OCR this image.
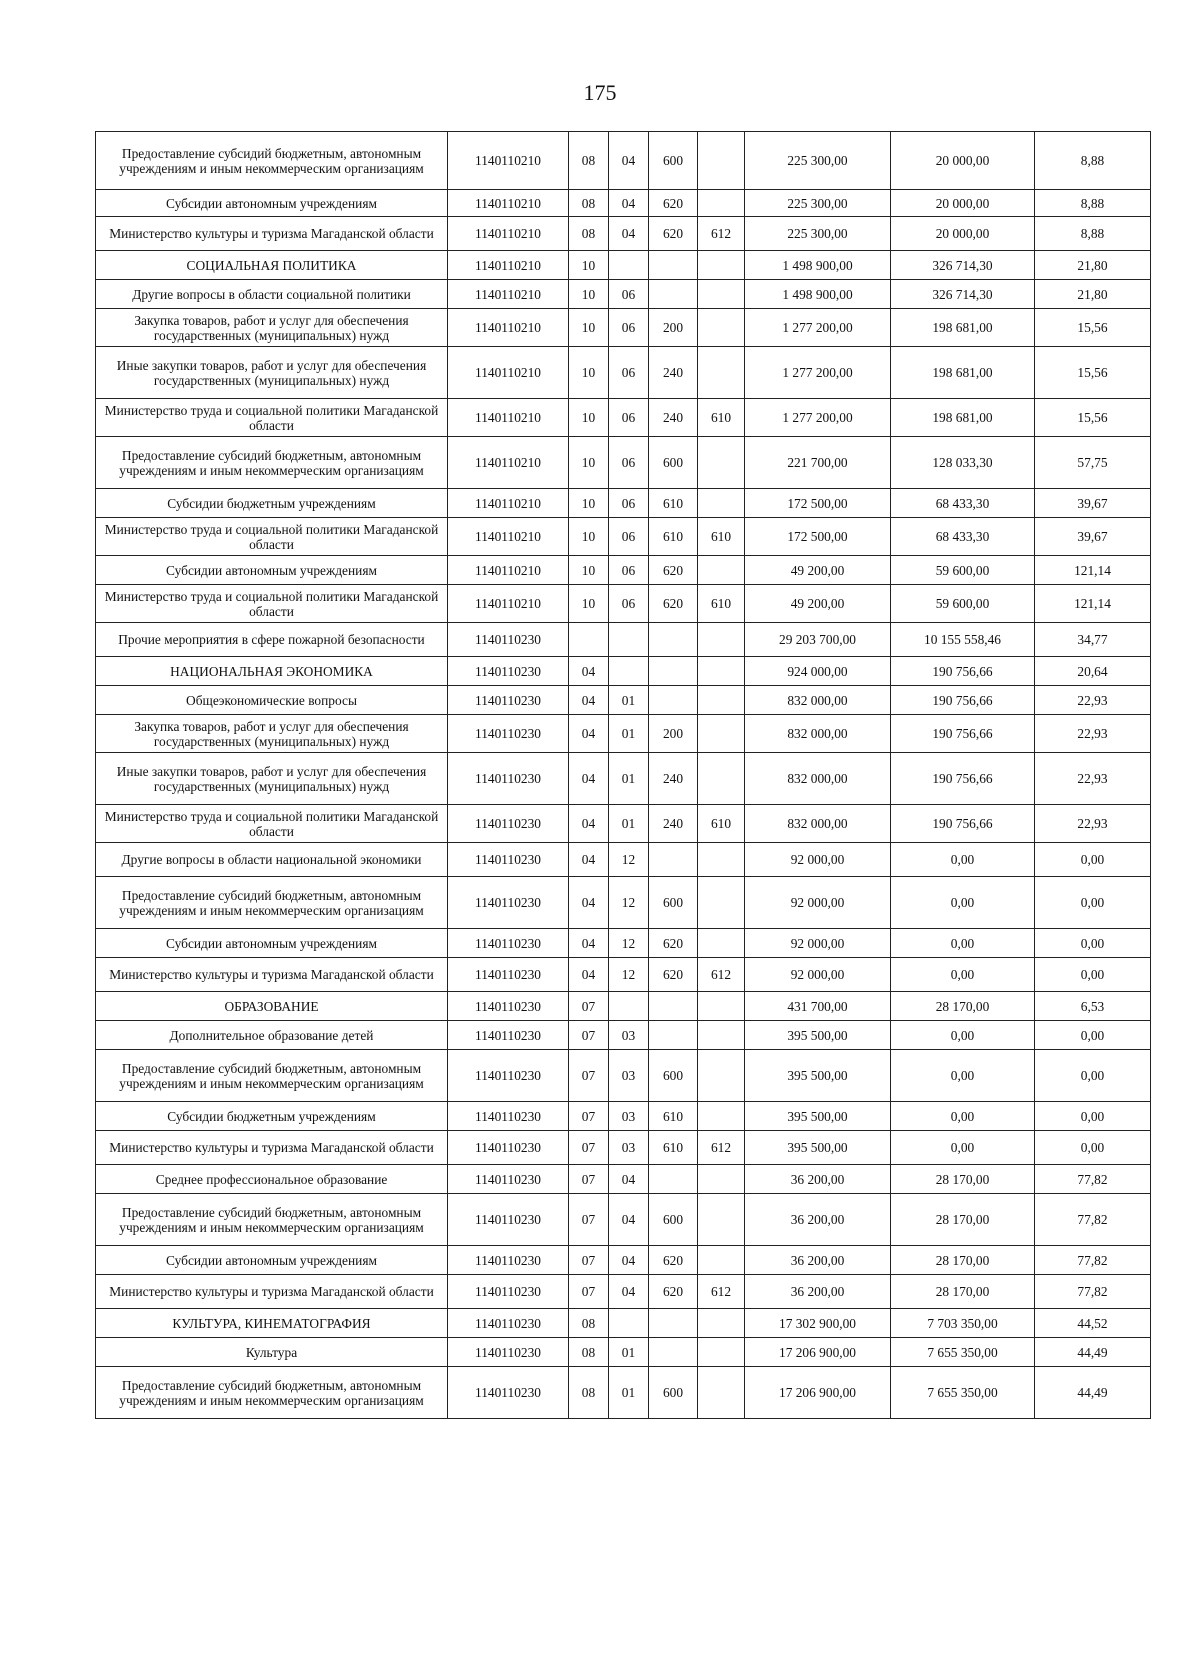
175
Предоставление субсидий бюджетным, автономным учреждениям и иным некоммерческим организациям	1140110210	08	04	600		225 300,00	20 000,00	8,88
Субсидии автономным учреждениям	1140110210	08	04	620		225 300,00	20 000,00	8,88
Министерство культуры и туризма Магаданской области	1140110210	08	04	620	612	225 300,00	20 000,00	8,88
СОЦИАЛЬНАЯ ПОЛИТИКА	1140110210	10				1 498 900,00	326 714,30	21,80
Другие вопросы в области социальной политики	1140110210	10	06			1 498 900,00	326 714,30	21,80
Закупка товаров, работ и услуг для обеспечения государственных (муниципальных) нужд	1140110210	10	06	200		1 277 200,00	198 681,00	15,56
Иные закупки товаров, работ и услуг для обеспечения государственных (муниципальных) нужд	1140110210	10	06	240		1 277 200,00	198 681,00	15,56
Министерство труда и социальной политики Магаданской области	1140110210	10	06	240	610	1 277 200,00	198 681,00	15,56
Предоставление субсидий бюджетным, автономным учреждениям и иным некоммерческим организациям	1140110210	10	06	600		221 700,00	128 033,30	57,75
Субсидии бюджетным учреждениям	1140110210	10	06	610		172 500,00	68 433,30	39,67
Министерство труда и социальной политики Магаданской области	1140110210	10	06	610	610	172 500,00	68 433,30	39,67
Субсидии автономным учреждениям	1140110210	10	06	620		49 200,00	59 600,00	121,14
Министерство труда и социальной политики Магаданской области	1140110210	10	06	620	610	49 200,00	59 600,00	121,14
Прочие мероприятия в сфере пожарной безопасности	1140110230					29 203 700,00	10 155 558,46	34,77
НАЦИОНАЛЬНАЯ ЭКОНОМИКА	1140110230	04				924 000,00	190 756,66	20,64
Общеэкономические вопросы	1140110230	04	01			832 000,00	190 756,66	22,93
Закупка товаров, работ и услуг для обеспечения государственных (муниципальных) нужд	1140110230	04	01	200		832 000,00	190 756,66	22,93
Иные закупки товаров, работ и услуг для обеспечения государственных (муниципальных) нужд	1140110230	04	01	240		832 000,00	190 756,66	22,93
Министерство труда и социальной политики Магаданской области	1140110230	04	01	240	610	832 000,00	190 756,66	22,93
Другие вопросы в области национальной экономики	1140110230	04	12			92 000,00	0,00	0,00
Предоставление субсидий бюджетным, автономным учреждениям и иным некоммерческим организациям	1140110230	04	12	600		92 000,00	0,00	0,00
Субсидии автономным учреждениям	1140110230	04	12	620		92 000,00	0,00	0,00
Министерство культуры и туризма Магаданской области	1140110230	04	12	620	612	92 000,00	0,00	0,00
ОБРАЗОВАНИЕ	1140110230	07				431 700,00	28 170,00	6,53
Дополнительное образование детей	1140110230	07	03			395 500,00	0,00	0,00
Предоставление субсидий бюджетным, автономным учреждениям и иным некоммерческим организациям	1140110230	07	03	600		395 500,00	0,00	0,00
Субсидии бюджетным учреждениям	1140110230	07	03	610		395 500,00	0,00	0,00
Министерство культуры и туризма Магаданской области	1140110230	07	03	610	612	395 500,00	0,00	0,00
Среднее профессиональное образование	1140110230	07	04			36 200,00	28 170,00	77,82
Предоставление субсидий бюджетным, автономным учреждениям и иным некоммерческим организациям	1140110230	07	04	600		36 200,00	28 170,00	77,82
Субсидии автономным учреждениям	1140110230	07	04	620		36 200,00	28 170,00	77,82
Министерство культуры и туризма Магаданской области	1140110230	07	04	620	612	36 200,00	28 170,00	77,82
КУЛЬТУРА, КИНЕМАТОГРАФИЯ	1140110230	08				17 302 900,00	7 703 350,00	44,52
Культура	1140110230	08	01			17 206 900,00	7 655 350,00	44,49
Предоставление субсидий бюджетным, автономным учреждениям и иным некоммерческим организациям	1140110230	08	01	600		17 206 900,00	7 655 350,00	44,49
